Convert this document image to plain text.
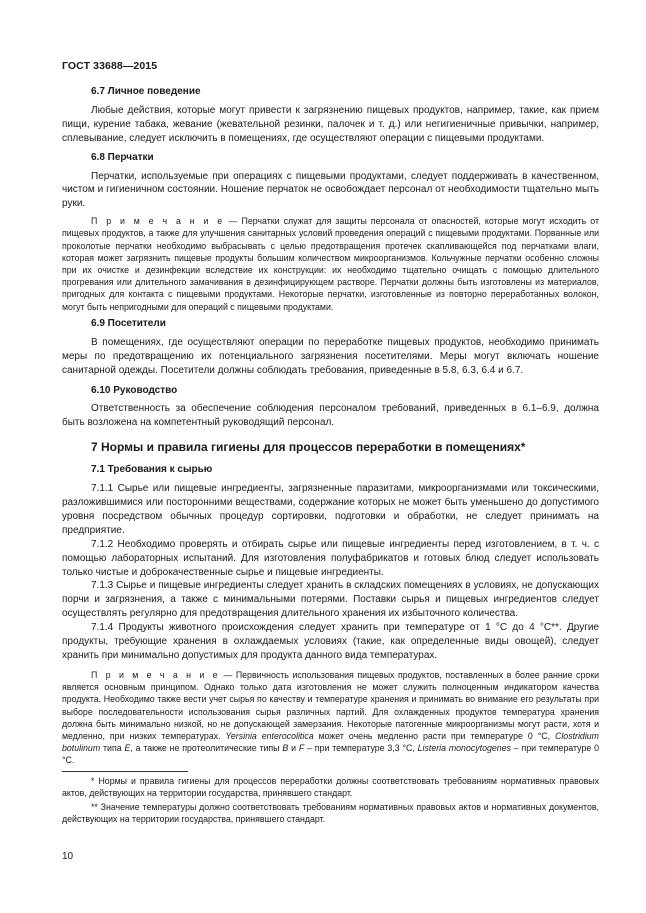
ГОСТ 33688—2015

6.7 Личное поведение

Любые действия, которые могут привести к загрязнению пищевых продуктов, например, такие, как прием пищи, курение табака, жевание (жевательной резинки, палочек и т. д.) или негигиеничные привычки, например, сплевывание, следует исключить в помещениях, где осуществляют операции с пищевыми продуктами.

6.8 Перчатки

Перчатки, используемые при операциях с пищевыми продуктами, следует поддерживать в качественном, чистом и гигиеничном состоянии. Ношение перчаток не освобождает персонал от необходимости тщательно мыть руки.

П р и м е ч а н и е — Перчатки служат для защиты персонала от опасностей, которые могут исходить от пищевых продуктов, а также для улучшения санитарных условий проведения операций с пищевыми продуктами. Порванные или проколотые перчатки необходимо выбрасывать с целью предотвращения протечек скапливающейся под перчатками влаги, которая может загрязнить пищевые продукты большим количеством микроорганизмов. Кольчужные перчатки особенно сложны при их очистке и дезинфекции вследствие их конструкции: их необходимо тщательно очищать с помощью длительного прогревания или длительного замачивания в дезинфицирующем растворе. Перчатки должны быть изготовлены из материалов, пригодных для контакта с пищевыми продуктами. Некоторые перчатки, изготовленные из повторно переработанных волокон, могут быть непригодными для операций с пищевыми продуктами.

6.9 Посетители

В помещениях, где осуществляют операции по переработке пищевых продуктов, необходимо принимать меры по предотвращению их потенциального загрязнения посетителями. Меры могут включать ношение санитарной одежды. Посетители должны соблюдать требования, приведенные в 5.8, 6.3, 6.4 и 6.7.

6.10 Руководство

Ответственность за обеспечение соблюдения персоналом требований, приведенных в 6.1–6.9, должна быть возложена на компетентный руководящий персонал.

7 Нормы и правила гигиены для процессов переработки в помещениях*

7.1 Требования к сырью

7.1.1 Сырье или пищевые ингредиенты, загрязненные паразитами, микроорганизмами или токсическими, разложившимися или посторонними веществами, содержание которых не может быть уменьшено до допустимого уровня посредством обычных процедур сортировки, подготовки и обработки, не следует принимать на предприятие.

7.1.2 Необходимо проверять и отбирать сырье или пищевые ингредиенты перед изготовлением, в т. ч. с помощью лабораторных испытаний. Для изготовления полуфабрикатов и готовых блюд следует использовать только чистые и доброкачественные сырье и пищевые ингредиенты.

7.1.3 Сырье и пищевые ингредиенты следует хранить в складских помещениях в условиях, не допускающих порчи и загрязнения, а также с минимальными потерями. Поставки сырья и пищевых ингредиентов следует осуществлять регулярно для предотвращения длительного хранения их избыточного количества.

7.1.4 Продукты животного происхождения следует хранить при температуре от 1 °С до 4 °С**. Другие продукты, требующие хранения в охлаждаемых условиях (такие, как определенные виды овощей), следует хранить при минимально допустимых для продукта данного вида температурах.

П р и м е ч а н и е — Первичность использования пищевых продуктов, поставленных в более ранние сроки является основным принципом. Однако только дата изготовления не может служить полноценным индикатором качества продукта. Необходимо также вести учет сырья по качеству и температуре хранения и принимать во внимание его результаты при выборе последовательности использования сырья различных партий. Для охлажденных продуктов температура хранения должна быть минимально низкой, но не допускающей замерзания. Некоторые патогенные микроорганизмы могут расти, хотя и медленно, при низких температурах. Yersinia enterocolitica может очень медленно расти при температуре 0 °С, Clostridium botulinum типа E, а также не протеолитические типы B и F – при температуре 3,3 °С, Listeria monocytogenes – при температуре 0 °С.

* Нормы и правила гигиены для процессов переработки должны соответствовать требованиям нормативных правовых актов, действующих на территории государства, принявшего стандарт.

** Значение температуры должно соответствовать требованиям нормативных правовых актов и нормативных документов, действующих на территории государства, принявшего стандарт.

10
